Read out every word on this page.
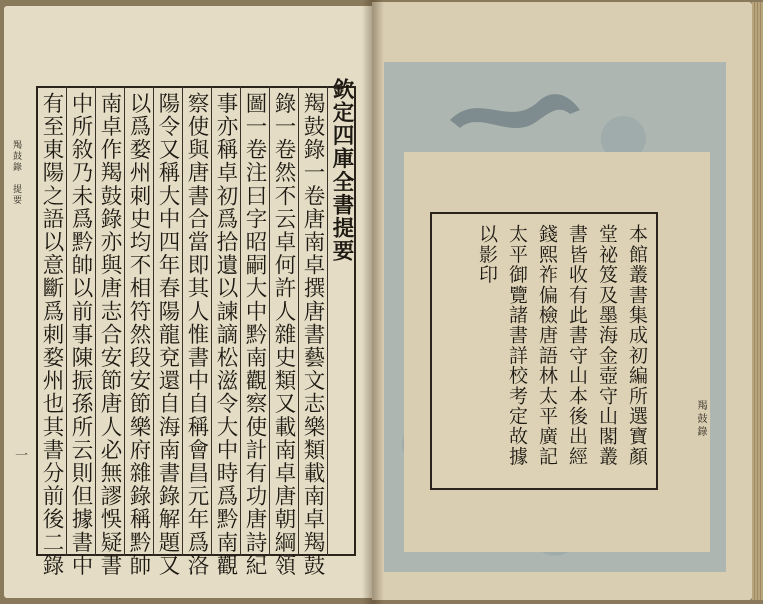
欽定四庫全書提要
羯鼓錄一卷唐南卓撰唐書藝文志樂類載南卓羯鼓
錄一卷然不云卓何許人雜史類又載南卓唐朝綱領
圖一卷注曰字昭嗣大中黔南觀察使計有功唐詩紀
事亦稱卓初爲拾遺以諫謫松滋令大中時爲黔南觀
察使與唐書合當即其人惟書中自稱會昌元年爲洛
陽令又稱大中四年春陽龍兗還自海南書錄解題又
以爲婺州刺史均不相符然段安節樂府雜錄稱黔帥
南卓作羯鼓錄亦與唐志合安節唐人必無謬悞疑書
中所敘乃未爲黔帥以前事陳振孫所云則但據書中
有至東陽之語以意斷爲刺婺州也其書分前後二錄
羯鼓錄　提要
一	本館叢書集成初編所選寶顏
堂祕笈及墨海金壺守山閣叢
書皆收有此書守山本後出經
錢熙祚偏檢唐語林太平廣記
太平御覽諸書詳校考定故據
以影印
羯鼓錄
